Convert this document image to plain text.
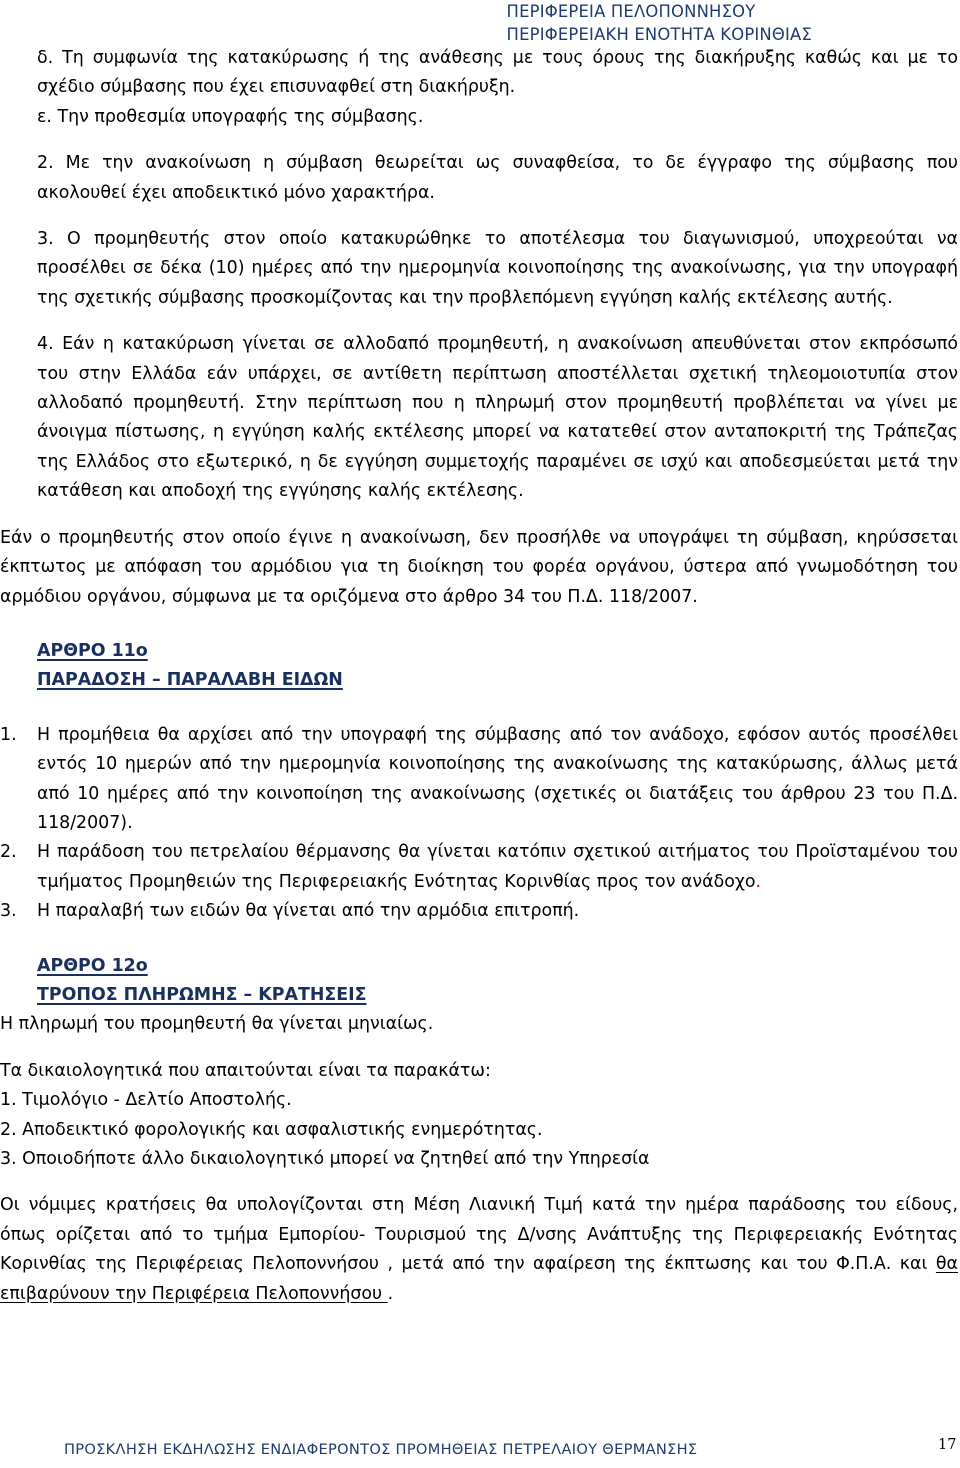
ΠΕΡΙΦΕΡΕΙΑ ΠΕΛΟΠΟΝΝΗΣΟΥ
ΠΕΡΙΦΕΡΕΙΑΚΗ ΕΝΟΤΗΤΑ ΚΟΡΙΝΘΙΑΣ

δ. Τη συμφωνία της κατακύρωσης ή της ανάθεσης με τους όρους της διακήρυξης καθώς και με το σχέδιο σύμβασης που έχει επισυναφθεί στη διακήρυξη.

ε. Την προθεσμία υπογραφής της σύμβασης.

2. Με την ανακοίνωση η σύμβαση θεωρείται ως συναφθείσα, το δε έγγραφο της σύμβασης που ακολουθεί έχει αποδεικτικό μόνο χαρακτήρα.

3. Ο προμηθευτής στον οποίο κατακυρώθηκε το αποτέλεσμα του διαγωνισμού, υποχρεούται να προσέλθει σε δέκα (10) ημέρες από την ημερομηνία κοινοποίησης της ανακοίνωσης, για την υπογραφή της σχετικής σύμβασης προσκομίζοντας και την προβλεπόμενη εγγύηση καλής εκτέλεσης αυτής.

4. Εάν η κατακύρωση γίνεται σε αλλοδαπό προμηθευτή, η ανακοίνωση απευθύνεται στον εκπρόσωπό του στην Ελλάδα εάν υπάρχει, σε αντίθετη περίπτωση αποστέλλεται σχετική τηλεομοιοτυπία στον αλλοδαπό προμηθευτή. Στην περίπτωση που η πληρωμή στον προμηθευτή προβλέπεται να γίνει με άνοιγμα πίστωσης, η εγγύηση καλής εκτέλεσης μπορεί να κατατεθεί στον ανταποκριτή της Τράπεζας της Ελλάδος στο εξωτερικό, η δε εγγύηση συμμετοχής παραμένει σε ισχύ και αποδεσμεύεται μετά την κατάθεση και αποδοχή της εγγύησης καλής εκτέλεσης.

Εάν ο προμηθευτής στον οποίο έγινε η ανακοίνωση, δεν προσήλθε να υπογράψει τη σύμβαση, κηρύσσεται έκπτωτος με απόφαση του αρμόδιου για τη διοίκηση του φορέα οργάνου, ύστερα από γνωμοδότηση του αρμόδιου οργάνου, σύμφωνα με τα οριζόμενα στο άρθρο 34 του Π.Δ. 118/2007.

ΑΡΘΡΟ 11ο

ΠΑΡΑΔΟΣΗ – ΠΑΡΑΛΑΒΗ ΕΙΔΩΝ

1. Η προμήθεια θα αρχίσει από την υπογραφή της σύμβασης από τον ανάδοχο, εφόσον αυτός προσέλθει εντός 10 ημερών από την ημερομηνία κοινοποίησης της ανακοίνωσης της κατακύρωσης, άλλως μετά από 10 ημέρες από την κοινοποίηση της ανακοίνωσης (σχετικές οι διατάξεις του άρθρου 23 του Π.Δ. 118/2007).

2. Η παράδοση του πετρελαίου θέρμανσης θα γίνεται κατόπιν σχετικού αιτήματος του Προϊσταμένου του τμήματος Προμηθειών της Περιφερειακής Ενότητας Κορινθίας προς τον ανάδοχο.

3. Η παραλαβή των ειδών θα γίνεται από την αρμόδια επιτροπή.

ΑΡΘΡΟ 12ο

ΤΡΟΠΟΣ ΠΛΗΡΩΜΗΣ – ΚΡΑΤΗΣΕΙΣ

Η πληρωμή του προμηθευτή θα γίνεται μηνιαίως.

Τα δικαιολογητικά που απαιτούνται είναι τα παρακάτω:

1. Τιμολόγιο - Δελτίο Αποστολής.

2. Αποδεικτικό φορολογικής και ασφαλιστικής ενημερότητας.

3. Οποιοδήποτε άλλο δικαιολογητικό μπορεί να ζητηθεί από την Υπηρεσία

Οι νόμιμες κρατήσεις θα υπολογίζονται στη Μέση Λιανική Τιμή κατά την ημέρα παράδοσης του είδους, όπως ορίζεται από το τμήμα Εμπορίου- Τουρισμού της Δ/νσης Ανάπτυξης της Περιφερειακής Ενότητας Κορινθίας της Περιφέρειας Πελοποννήσου , μετά από την αφαίρεση της έκπτωσης και του Φ.Π.Α. και θα επιβαρύνουν την Περιφέρεια Πελοποννήσου .

ΠΡΟΣΚΛΗΣΗ ΕΚΔΗΛΩΣΗΣ ΕΝΔΙΑΦΕΡΟΝΤΟΣ ΠΡΟΜΗΘΕΙΑΣ ΠΕΤΡΕΛΑΙΟΥ ΘΕΡΜΑΝΣΗΣ	17
